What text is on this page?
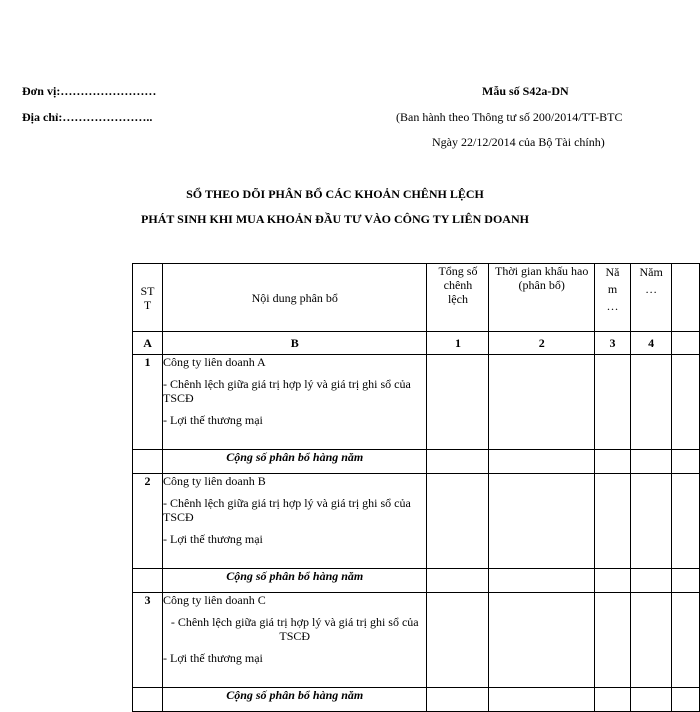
Đơn vị:……………………
Địa chỉ:…………………..
Mẫu số S42a-DN
(Ban hành theo Thông tư số 200/2014/TT-BTC
Ngày 22/12/2014 của Bộ Tài chính)
SỔ THEO DÕI PHÂN BỔ CÁC KHOẢN CHÊNH LỆCH
PHÁT SINH KHI MUA KHOẢN ĐẦU TƯ VÀO CÔNG TY LIÊN DOANH
STT	Nội dung phân bổ	Tổng số chênh lệch	Thời gian khấu hao (phân bổ)	Năm …	Năm …	

A	B	1	2	3	4	
1	Công ty liên doanh A
- Chênh lệch giữa giá trị hợp lý và giá trị ghi sổ của TSCĐ
- Lợi thế thương mại					

	Cộng số phân bổ hàng năm					
2	Công ty liên doanh B
- Chênh lệch giữa giá trị hợp lý và giá trị ghi sổ của TSCĐ
- Lợi thế thương mại					

	Cộng số phân bổ hàng năm					
3	Công ty liên doanh C
- Chênh lệch giữa giá trị hợp lý và giá trị ghi sổ của TSCĐ
- Lợi thế thương mại					

	Cộng số phân bổ hàng năm					
